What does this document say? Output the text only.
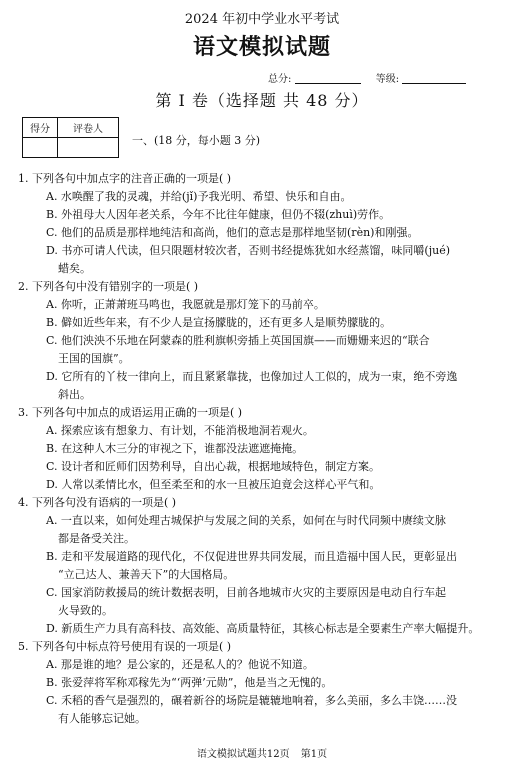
2024 年初中学业水平考试
语文模拟试题
总分:	等级:
第 I 卷（选择题 共 48 分）
得分	评卷人

一、(18 分，每小题 3 分)
1. 下列各句中加点字的注音正确的一项是( )
A. 水唤醒了我的灵魂，并给(jǐ)予我光明、希望、快乐和自由。
B. 外祖母大人因年老关系，今年不比往年健康，但仍不辍(zhuì)劳作。
C. 他们的品质是那样地纯洁和高尚，他们的意志是那样地坚韧(rèn)和刚强。
D. 书亦可请人代读，但只限题材较次者，否则书经提炼犹如水经蒸馏，味同嚼(jué)
蜡矣。
2. 下列各句中没有错别字的一项是( )
A. 你听，正萧萧班马鸣也，我愿就是那灯笼下的马前卒。
B. 僻如近些年来，有不少人是宣扬朦胧的，还有更多人是顺势朦胧的。
C. 他们泱泱不乐地在阿蒙森的胜利旗帜旁插上英国国旗——而姗姗来迟的“联合
王国的国旗”。
D. 它所有的丫枝一律向上，而且紧紧靠拢，也像加过人工似的，成为一束，绝不旁逸
斜出。
3. 下列各句中加点的成语运用正确的一项是( )
A. 探索应该有想象力、有计划，不能消极地洞若观火。
B. 在这种人木三分的审视之下，谁都没法遮遮掩掩。
C. 设计者和匠师们因势利导，自出心裁，根据地域特色，制定方案。
D. 人常以柔情比水，但至柔至和的水一旦被压迫竟会这样心平气和。
4. 下列各句没有语病的一项是( )
A. 一直以来，如何处理古城保护与发展之间的关系，如何在与时代同频中赓续文脉
都是备受关注。
B. 走和平发展道路的现代化，不仅促进世界共同发展，而且造福中国人民，更彰显出
“立己达人、兼善天下”的大国格局。
C. 国家消防救援局的统计数据表明，目前各地城市火灾的主要原因是电动自行车起
火导致的。
D. 新质生产力具有高科技、高效能、高质量特征，其核心标志是全要素生产率大幅提升。
5. 下列各句中标点符号使用有误的一项是( )
A. 那是谁的地？是公家的，还是私人的？他说不知道。
B. 张爱萍将军称邓稼先为“‘两弹’元勋”，他是当之无愧的。
C. 禾稻的香气是强烈的，碾着新谷的场院是辘辘地响着，多么美丽，多么丰饶……没
有人能够忘记她。
语文模拟试题共12页 第1页
